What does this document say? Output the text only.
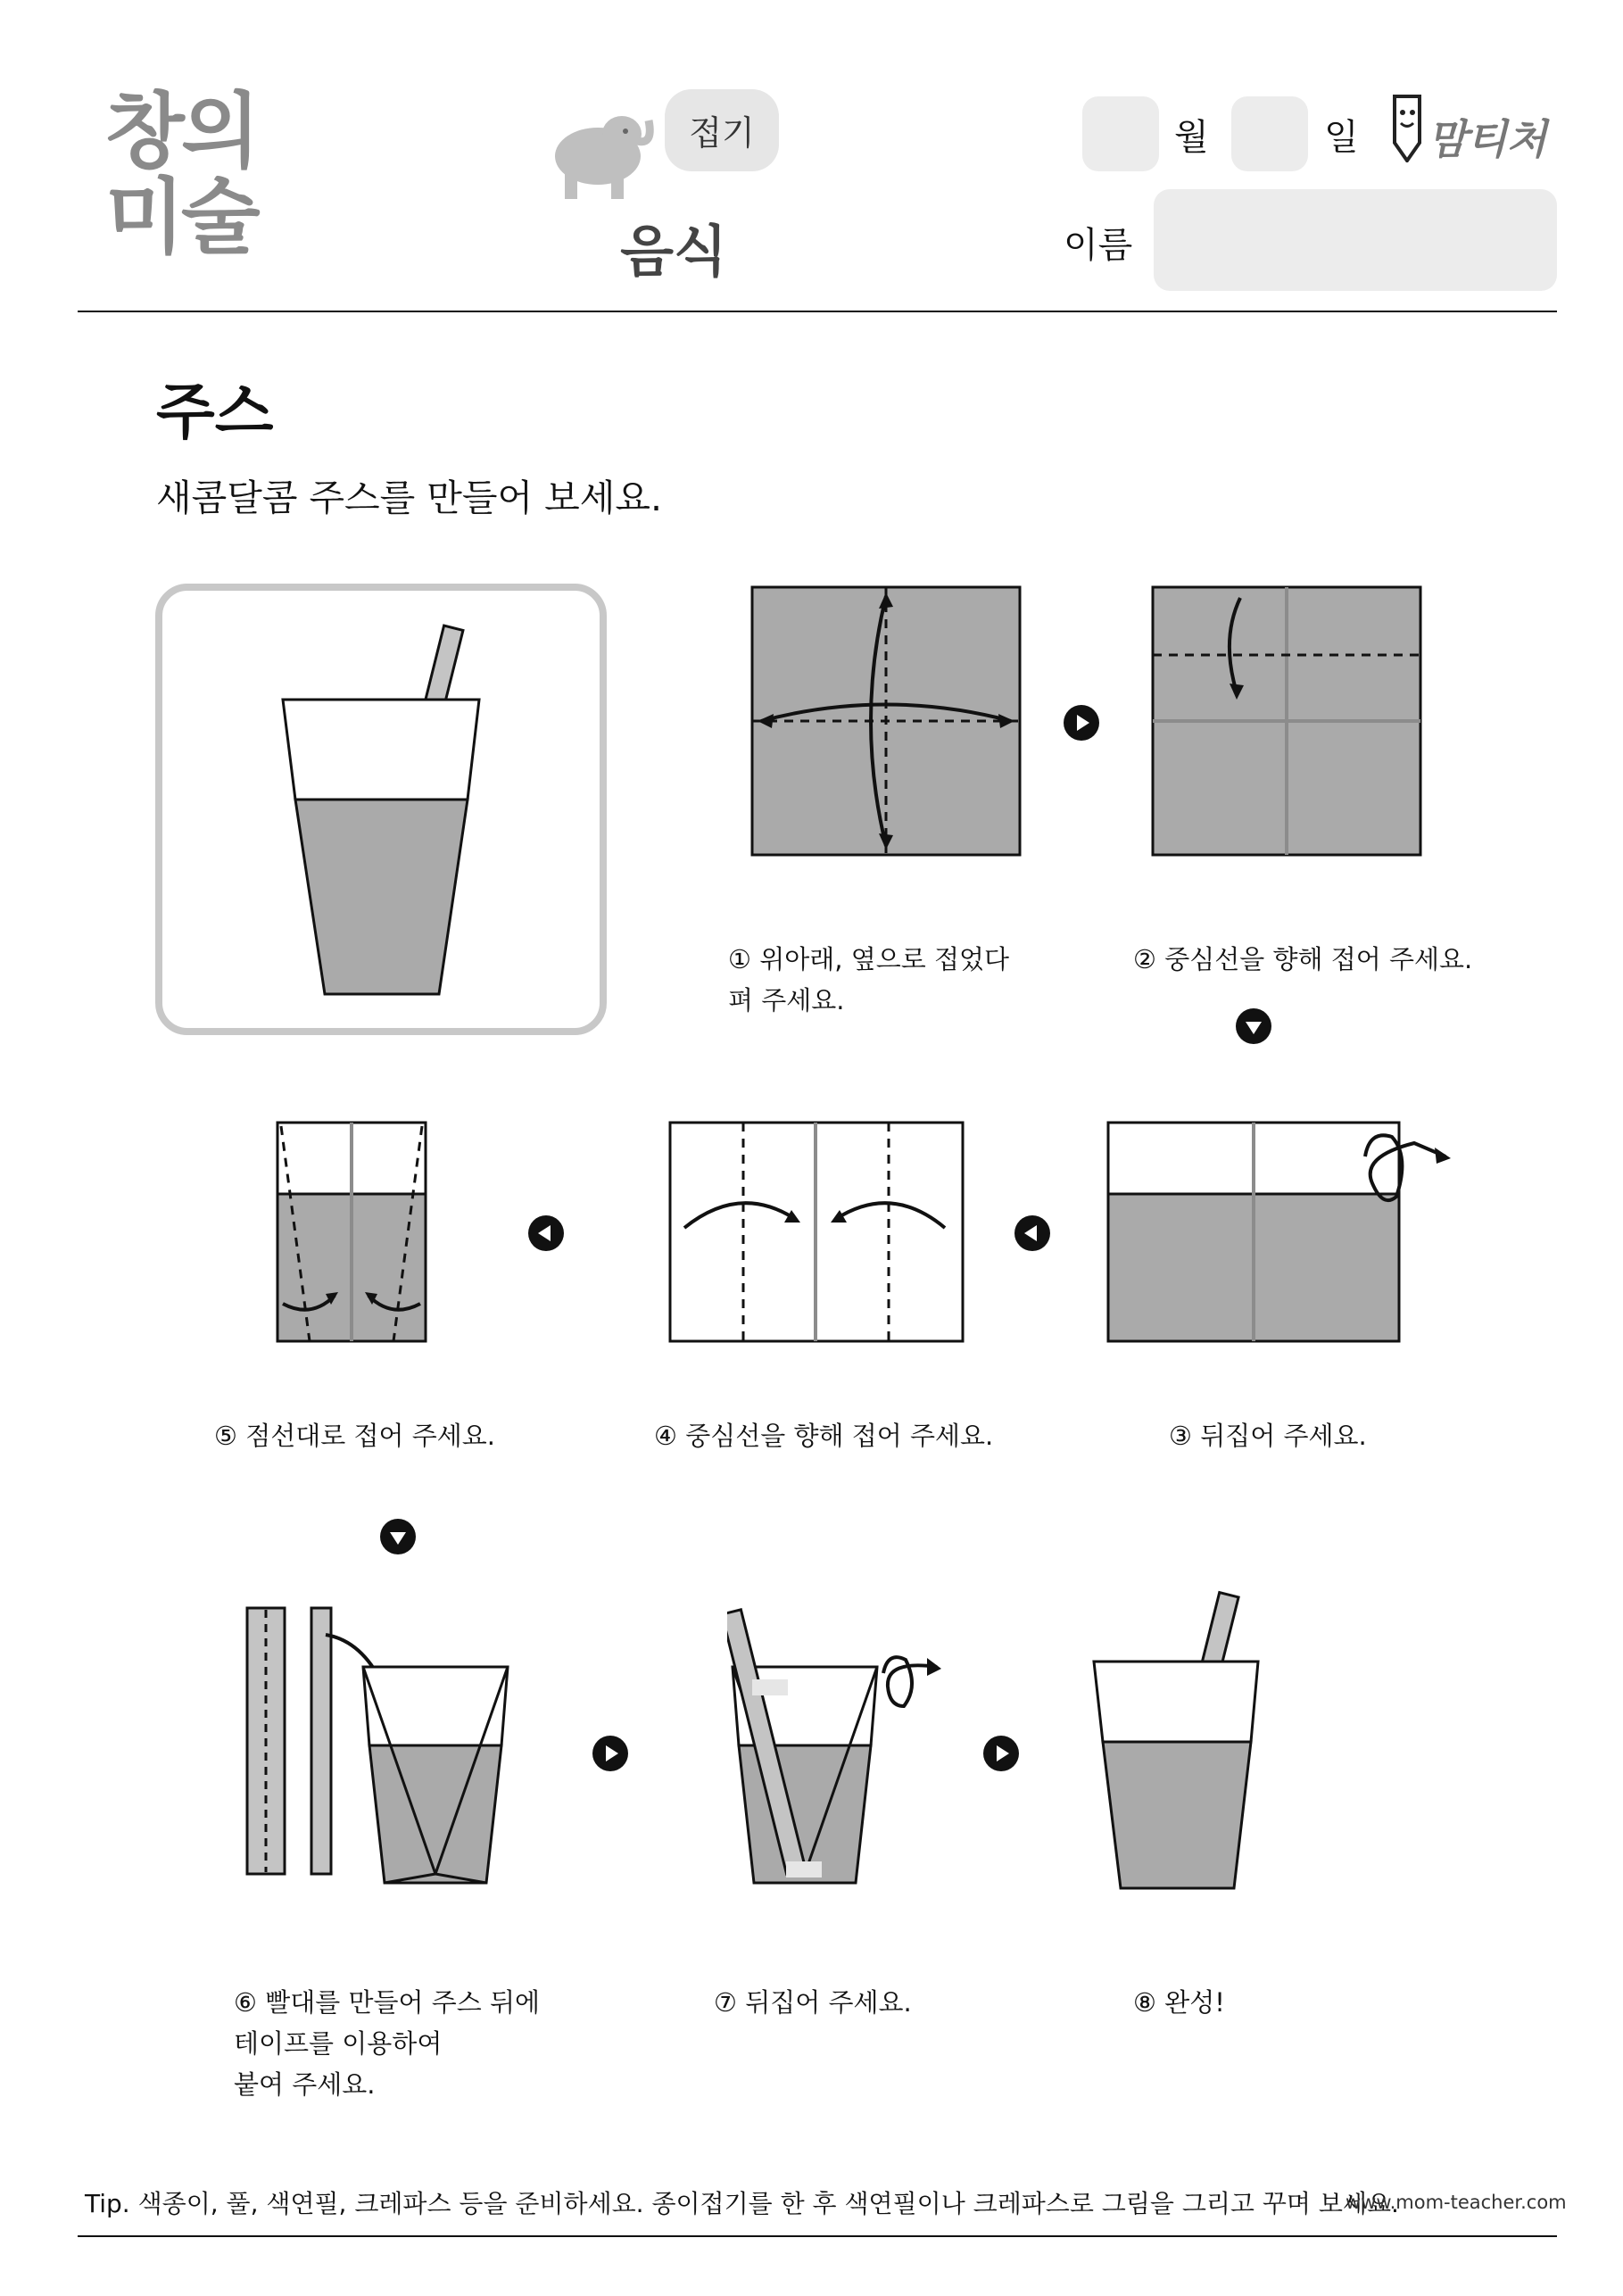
창의미술
접기
음식
월	일 맘티처
이름
주스
새콤달콤 주스를 만들어 보세요.

① 위아래, 옆으로 접었다
펴 주세요.

② 중심선을 향해 접어 주세요.

③ 뒤집어 주세요.

④ 중심선을 향해 접어 주세요.

⑤ 점선대로 접어 주세요.

⑥ 빨대를 만들어 주스 뒤에
테이프를 이용하여
붙여 주세요.

⑦ 뒤집어 주세요.	⑧ 완성!

Tip. 색종이, 풀, 색연필, 크레파스 등을 준비하세요. 종이접기를 한 후 색연필이나 크레파스로 그림을 그리고 꾸며 보세요.
www.mom-teacher.com
